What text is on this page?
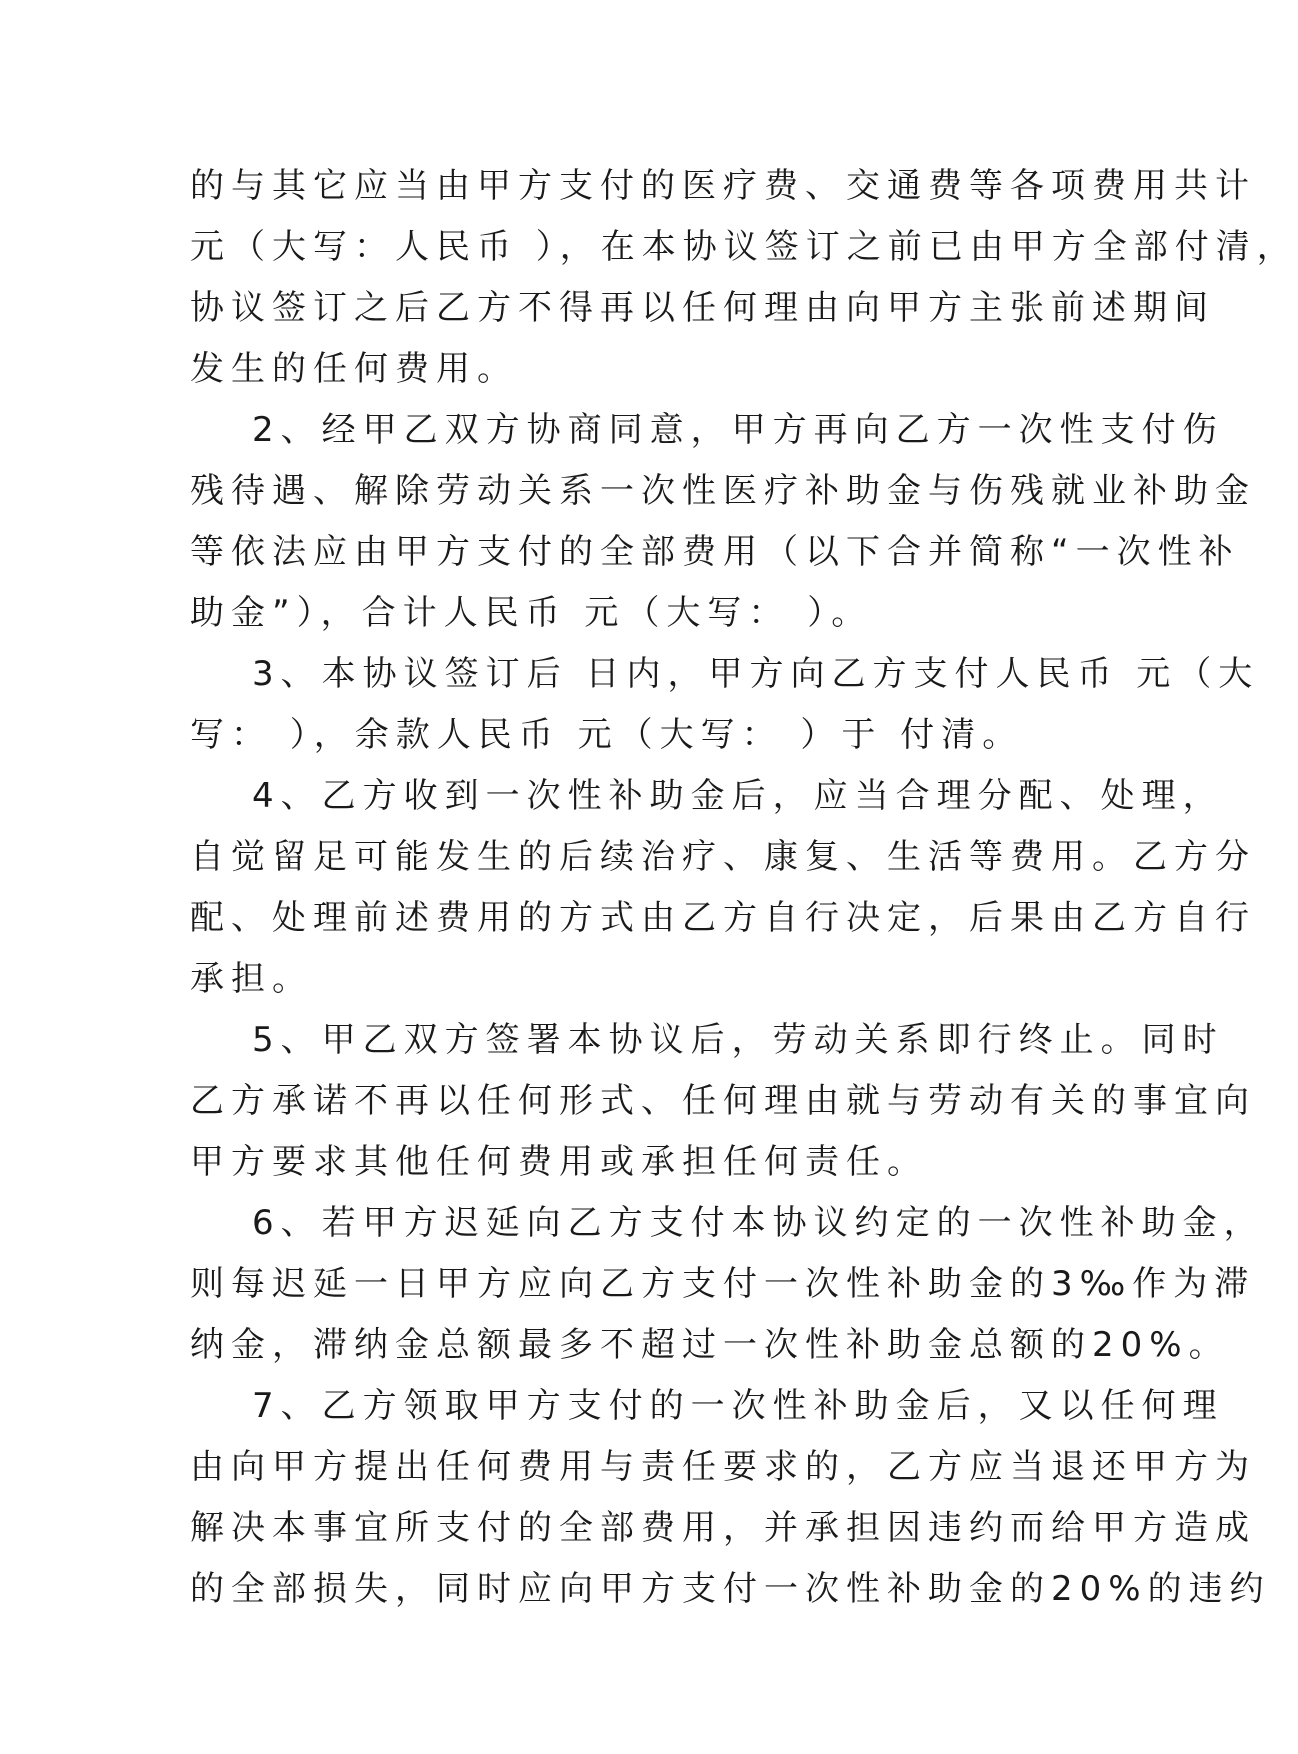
的与其它应当由甲方支付的医疗费、交通费等各项费用共计
元（大写：人民币 ），在本协议签订之前已由甲方全部付清，
协议签订之后乙方不得再以任何理由向甲方主张前述期间
发生的任何费用。
2、经甲乙双方协商同意，甲方再向乙方一次性支付伤
残待遇、解除劳动关系一次性医疗补助金与伤残就业补助金
等依法应由甲方支付的全部费用（以下合并简称“一次性补
助金”），合计人民币 元（大写： ）。
3、本协议签订后 日内，甲方向乙方支付人民币 元（大
写： ），余款人民币 元（大写： ）于 付清。
4、乙方收到一次性补助金后，应当合理分配、处理，
自觉留足可能发生的后续治疗、康复、生活等费用。乙方分
配、处理前述费用的方式由乙方自行决定，后果由乙方自行
承担。
5、甲乙双方签署本协议后，劳动关系即行终止。同时
乙方承诺不再以任何形式、任何理由就与劳动有关的事宜向
甲方要求其他任何费用或承担任何责任。
6、若甲方迟延向乙方支付本协议约定的一次性补助金，
则每迟延一日甲方应向乙方支付一次性补助金的3‰作为滞
纳金，滞纳金总额最多不超过一次性补助金总额的20%。
7、乙方领取甲方支付的一次性补助金后，又以任何理
由向甲方提出任何费用与责任要求的，乙方应当退还甲方为
解决本事宜所支付的全部费用，并承担因违约而给甲方造成
的全部损失，同时应向甲方支付一次性补助金的20%的违约
